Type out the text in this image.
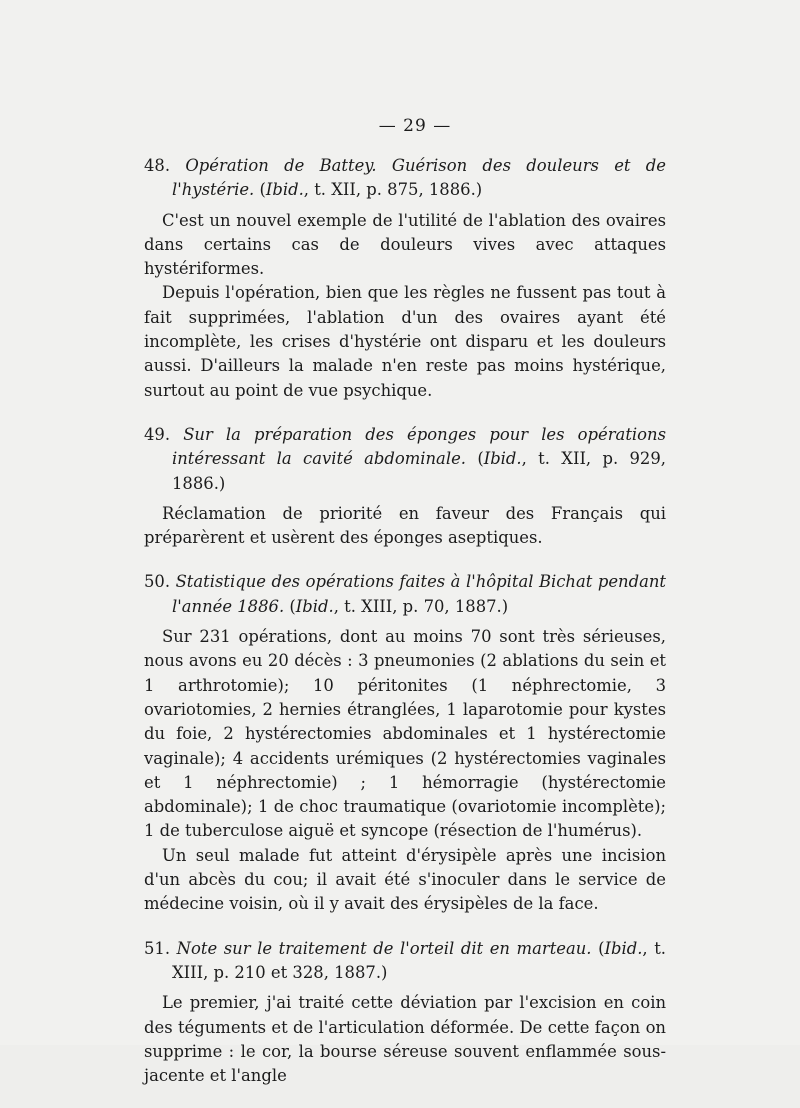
— 29 —
48. Opération de Battey. Guérison des douleurs et de l'hystérie. (Ibid., t. XII, p. 875, 1886.)

C'est un nouvel exemple de l'utilité de l'ablation des ovaires dans certains cas de douleurs vives avec attaques hystériformes.

Depuis l'opération, bien que les règles ne fussent pas tout à fait supprimées, l'ablation d'un des ovaires ayant été incomplète, les crises d'hystérie ont disparu et les douleurs aussi. D'ailleurs la malade n'en reste pas moins hystérique, surtout au point de vue psychique.

49. Sur la préparation des éponges pour les opérations intéressant la cavité abdominale. (Ibid., t. XII, p. 929, 1886.)

Réclamation de priorité en faveur des Français qui préparèrent et usèrent des éponges aseptiques.

50. Statistique des opérations faites à l'hôpital Bichat pendant l'année 1886. (Ibid., t. XIII, p. 70, 1887.)

Sur 231 opérations, dont au moins 70 sont très sérieuses, nous avons eu 20 décès : 3 pneumonies (2 ablations du sein et 1 arthrotomie); 10 péritonites (1 néphrectomie, 3 ovariotomies, 2 hernies étranglées, 1 laparotomie pour kystes du foie, 2 hystérectomies abdominales et 1 hystérectomie vaginale); 4 accidents urémiques (2 hystérectomies vaginales et 1 néphrectomie) ; 1 hémorragie (hystérectomie abdominale); 1 de choc traumatique (ovariotomie incomplète); 1 de tuberculose aiguë et syncope (résection de l'humérus).

Un seul malade fut atteint d'érysipèle après une incision d'un abcès du cou; il avait été s'inoculer dans le service de médecine voisin, où il y avait des érysipèles de la face.

51. Note sur le traitement de l'orteil dit en marteau. (Ibid., t. XIII, p. 210 et 328, 1887.)

Le premier, j'ai traité cette déviation par l'excision en coin des téguments et de l'articulation déformée. De cette façon on supprime : le cor, la bourse séreuse souvent enflammée sous-jacente et l'angle
